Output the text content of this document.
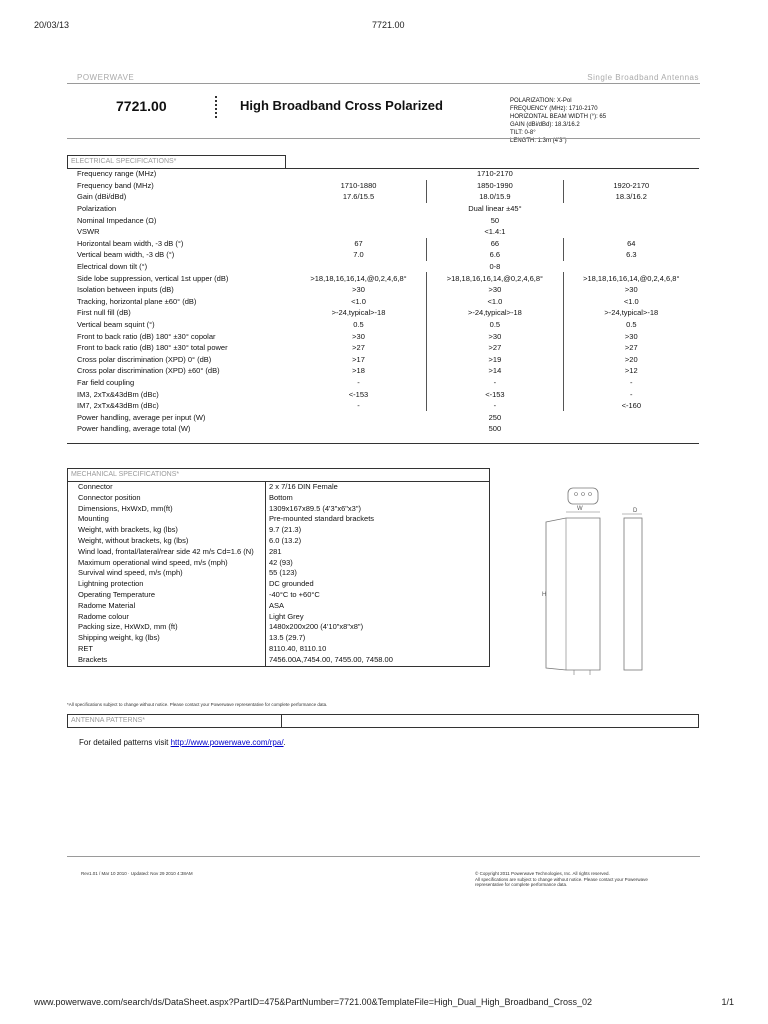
20/03/13	7721.00
POWERWAVE	Single Broadband Antennas
7721.00	High Broadband Cross Polarized	POLARIZATION: X-Pol
FREQUENCY (MHz): 1710-2170
HORIZONTAL BEAM WIDTH (°): 65
GAIN (dBi/dBd): 18.3/16.2
TILT: 0-8°
LENGTH: 1.3m (4'3")
ELECTRICAL SPECIFICATIONS*
Frequency range (MHz)	1710-2170		
Frequency band (MHz)	1710-1880	1850-1990	1920-2170
Gain (dBi/dBd)	17.6/15.5	18.0/15.9	18.3/16.2
Polarization	Dual linear ±45°		
Nominal Impedance (Ω)	50		
VSWR	<1.4:1		
Horizontal beam width, -3 dB (°)	67	66	64
Vertical beam width, -3 dB (°)	7.0	6.6	6.3
Electrical down tilt (°)	0-8		
Side lobe suppression, vertical 1st upper (dB)	>18,18,16,16,14,@0,2,4,6,8°	>18,18,16,16,14,@0,2,4,6,8°	>18,18,16,16,14,@0,2,4,6,8°
Isolation between inputs (dB)	>30	>30	>30
Tracking, horizontal plane ±60° (dB)	<1.0	<1.0	<1.0
First null fill (dB)	>-24,typical>-18	>-24,typical>-18	>-24,typical>-18
Vertical beam squint (°)	0.5	0.5	0.5
Front to back ratio (dB) 180° ±30° copolar	>30	>30	>30
Front to back ratio (dB) 180° ±30° total power	>27	>27	>27
Cross polar discrimination (XPD) 0° (dB)	>17	>19	>20
Cross polar discrimination (XPD) ±60° (dB)	>18	>14	>12
Far field coupling	-	-	-
IM3, 2xTx&43dBm (dBc)	<-153	<-153	-
IM7, 2xTx&43dBm (dBc)	-	-	<-160
Power handling, average per input (W)	250		
Power handling, average total (W)	500		
MECHANICAL SPECIFICATIONS*
Connector	2 x 7/16 DIN Female
Connector position	Bottom
Dimensions, HxWxD, mm(ft)	1309x167x89.5 (4'3"x6"x3")
Mounting	Pre-mounted standard brackets
Weight, with brackets, kg (lbs)	9.7 (21.3)
Weight, without brackets, kg (lbs)	6.0 (13.2)
Wind load, frontal/lateral/rear side 42 m/s Cd=1.6 (N)	281
Maximum operational wind speed, m/s (mph)	42 (93)
Survival wind speed, m/s (mph)	55 (123)
Lightning protection	DC grounded
Operating Temperature	-40°C to +60°C
Radome Material	ASA
Radome colour	Light Grey
Packing size, HxWxD, mm (ft)	1480x200x200 (4'10"x8"x8")
Shipping weight, kg (lbs)	13.5 (29.7)
RET	8110.40, 8110.10
Brackets	7456.00A,7454.00, 7455.00, 7458.00
W	D
H
*All specifications subject to change without notice. Please contact your Powerwave representative for complete performance data.
ANTENNA PATTERNS*
For detailed patterns visit http://www.powerwave.com/rpa/.
Rev1.01 / Mar 10 2010 · Updated: Nov 29 2010 4:38AM	© Copyright 2011 Powerwave Technologies, Inc. All rights reserved.
All specifications are subject to change without notice. Please contact your Powerwave
representative for complete performance data.
www.powerwave.com/search/ds/DataSheet.aspx?PartID=475&PartNumber=7721.00&TemplateFile=High_Dual_High_Broadband_Cross_02	1/1
